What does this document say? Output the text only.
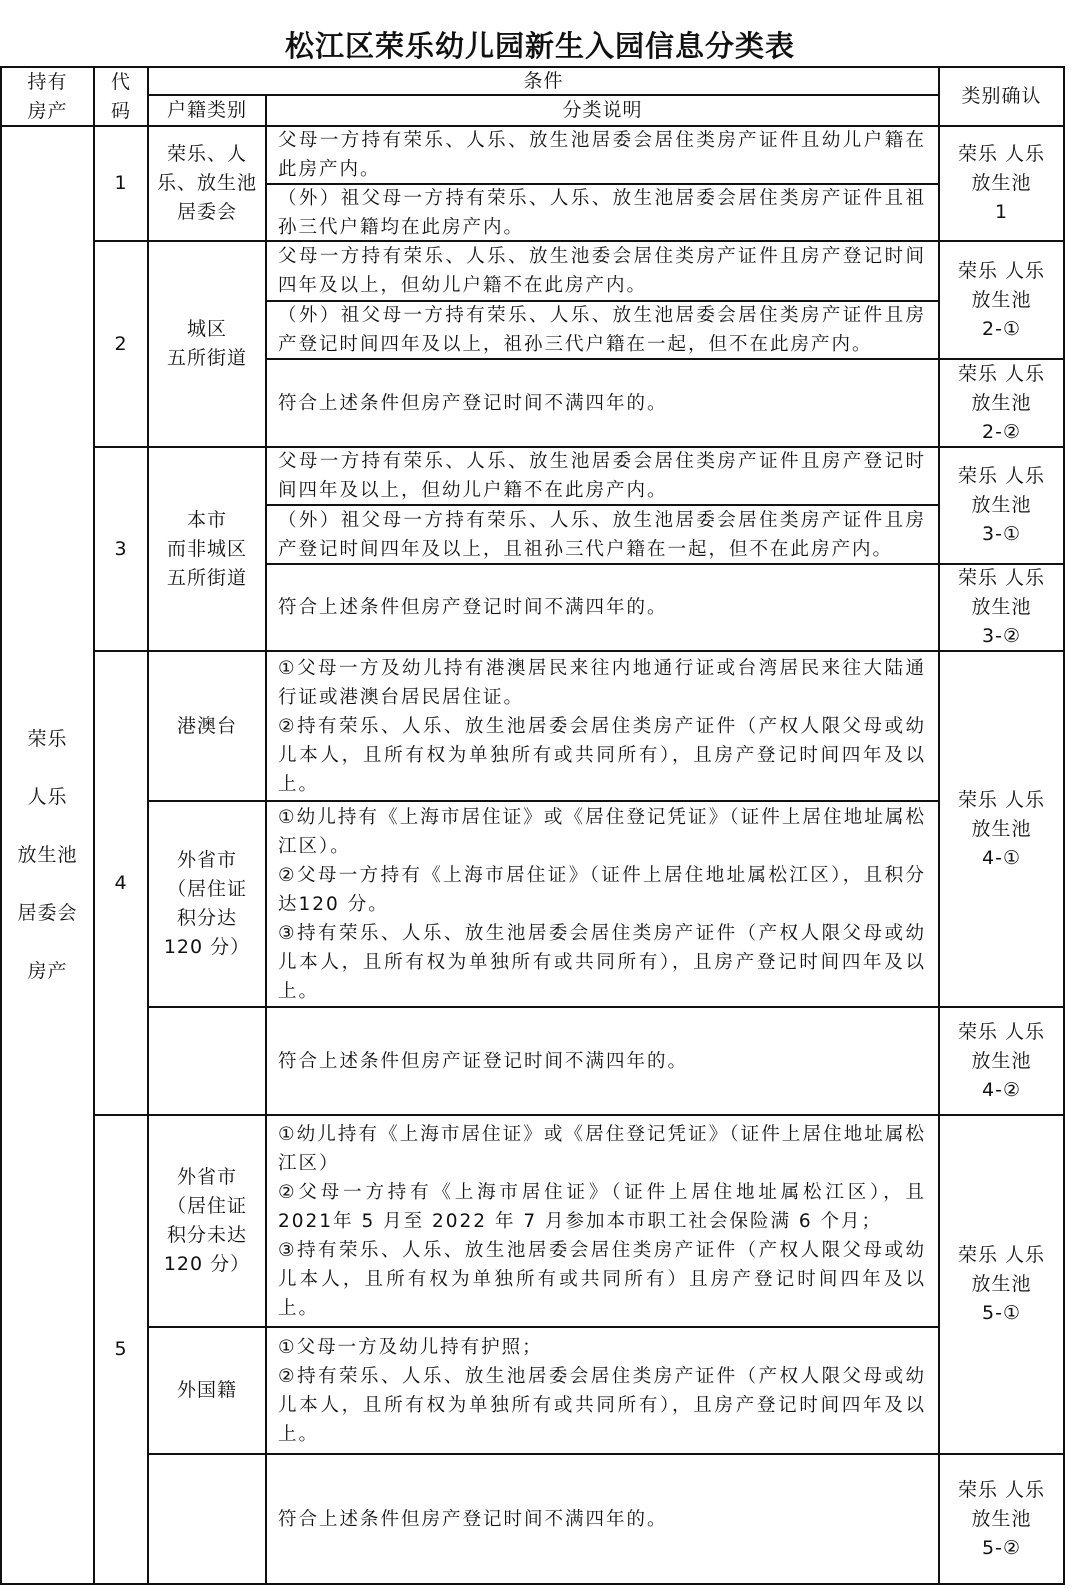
松江区荣乐幼儿园新生入园信息分类表
持有
房产
代
码
条件
户籍类别	分类说明
类别确认
荣乐
人乐
放生池
居委会
房产
1
2
3
4
5
荣乐、人
乐、放生池
居委会
城区
五所街道
本市
而非城区
五所街道
港澳台
外省市
（居住证
积分达
120 分）
外省市
（居住证
积分未达
120 分）
外国籍
父母一方持有荣乐、人乐、放生池居委会居住类房产证件且幼儿户籍在此房产内。
（外）祖父母一方持有荣乐、人乐、放生池居委会居住类房产证件且祖孙三代户籍均在此房产内。
父母一方持有荣乐、人乐、放生池委会居住类房产证件且房产登记时间四年及以上，但幼儿户籍不在此房产内。
（外）祖父母一方持有荣乐、人乐、放生池居委会居住类房产证件且房产登记时间四年及以上，祖孙三代户籍在一起，但不在此房产内。
符合上述条件但房产登记时间不满四年的。
父母一方持有荣乐、人乐、放生池居委会居住类房产证件且房产登记时间四年及以上，但幼儿户籍不在此房产内。
（外）祖父母一方持有荣乐、人乐、放生池居委会居住类房产证件且房产登记时间四年及以上，且祖孙三代户籍在一起，但不在此房产内。
符合上述条件但房产登记时间不满四年的。
①父母一方及幼儿持有港澳居民来往内地通行证或台湾居民来往大陆通行证或港澳台居民居住证。
②持有荣乐、人乐、放生池居委会居住类房产证件（产权人限父母或幼儿本人，且所有权为单独所有或共同所有），且房产登记时间四年及以上。
①幼儿持有《上海市居住证》或《居住登记凭证》（证件上居住地址属松江区）。
②父母一方持有《上海市居住证》（证件上居住地址属松江区），且积分达120 分。
③持有荣乐、人乐、放生池居委会居住类房产证件（产权人限父母或幼儿本人，且所有权为单独所有或共同所有），且房产登记时间四年及以上。
符合上述条件但房产证登记时间不满四年的。
①幼儿持有《上海市居住证》或《居住登记凭证》（证件上居住地址属松江区）
②父母一方持有《上海市居住证》（证件上居住地址属松江区），且 2021年 5 月至 2022 年 7 月参加本市职工社会保险满 6 个月；
③持有荣乐、人乐、放生池居委会居住类房产证件（产权人限父母或幼儿本人，且所有权为单独所有或共同所有）且房产登记时间四年及以上。
①父母一方及幼儿持有护照；
②持有荣乐、人乐、放生池居委会居住类房产证件（产权人限父母或幼儿本人，且所有权为单独所有或共同所有），且房产登记时间四年及以上。
符合上述条件但房产登记时间不满四年的。
荣乐 人乐
放生池
1
荣乐 人乐
放生池
2-①
荣乐 人乐
放生池
2-②
荣乐 人乐
放生池
3-①
荣乐 人乐
放生池
3-②
荣乐 人乐
放生池
4-①
荣乐 人乐
放生池
4-②
荣乐 人乐
放生池
5-①
荣乐 人乐
放生池
5-②
